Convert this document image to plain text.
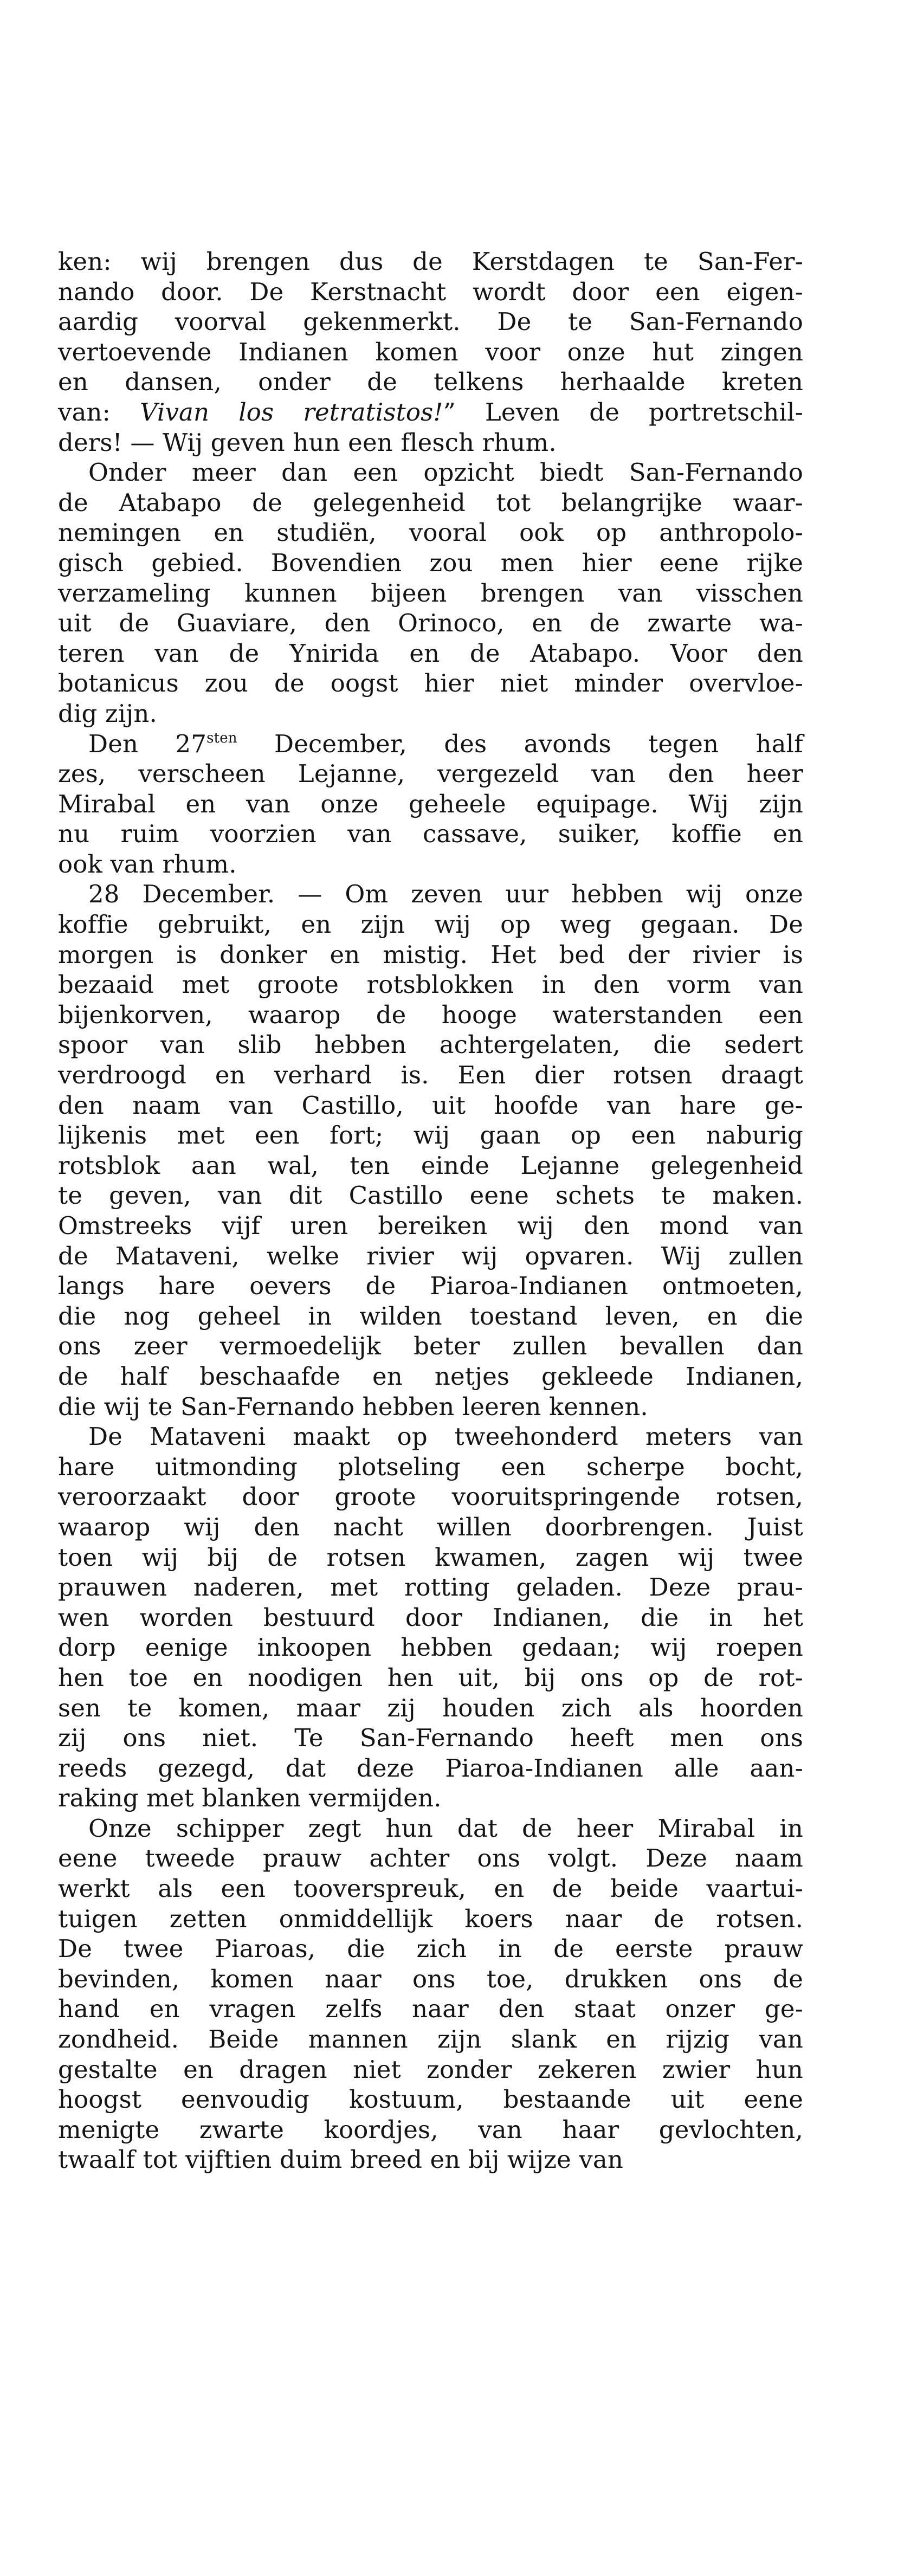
ken: wij brengen dus de Kerstdagen te San-Fer-
nando door. De Kerstnacht wordt door een eigen-
aardig voorval gekenmerkt. De te San-Fernando
vertoevende Indianen komen voor onze hut zingen
en dansen, onder de telkens herhaalde kreten
van: Vivan los retratistos!” Leven de portretschil-
ders! — Wij geven hun een flesch rhum.
Onder meer dan een opzicht biedt San-Fernando
de Atabapo de gelegenheid tot belangrijke waar-
nemingen en studiën, vooral ook op anthropolo-
gisch gebied. Bovendien zou men hier eene rijke
verzameling kunnen bijeen brengen van visschen
uit de Guaviare, den Orinoco, en de zwarte wa-
teren van de Ynirida en de Atabapo. Voor den
botanicus zou de oogst hier niet minder overvloe-
dig zijn.
Den $27^{sten}$ December, des avonds tegen half
zes, verscheen Lejanne, vergezeld van den heer
Mirabal en van onze geheele equipage. Wij zijn
nu ruim voorzien van cassave, suiker, koffie en
ook van rhum.
28 December. — Om zeven uur hebben wij onze
koffie gebruikt, en zijn wij op weg gegaan. De
morgen is donker en mistig. Het bed der rivier is
bezaaid met groote rotsblokken in den vorm van
bijenkorven, waarop de hooge waterstanden een
spoor van slib hebben achtergelaten, die sedert
verdroogd en verhard is. Een dier rotsen draagt
den naam van Castillo, uit hoofde van hare ge-
lijkenis met een fort; wij gaan op een naburig
rotsblok aan wal, ten einde Lejanne gelegenheid
te geven, van dit Castillo eene schets te maken.
Omstreeks vijf uren bereiken wij den mond van
de Mataveni, welke rivier wij opvaren. Wij zullen
langs hare oevers de Piaroa-Indianen ontmoeten,
die nog geheel in wilden toestand leven, en die
ons zeer vermoedelijk beter zullen bevallen dan
de half beschaafde en netjes gekleede Indianen,
die wij te San-Fernando hebben leeren kennen.
De Mataveni maakt op tweehonderd meters van
hare uitmonding plotseling een scherpe bocht,
veroorzaakt door groote vooruitspringende rotsen,
waarop wij den nacht willen doorbrengen. Juist
toen wij bij de rotsen kwamen, zagen wij twee
prauwen naderen, met rotting geladen. Deze prau-
wen worden bestuurd door Indianen, die in het
dorp eenige inkoopen hebben gedaan; wij roepen
hen toe en noodigen hen uit, bij ons op de rot-
sen te komen, maar zij houden zich als hoorden
zij ons niet. Te San-Fernando heeft men ons
reeds gezegd, dat deze Piaroa-Indianen alle aan-
raking met blanken vermijden.
Onze schipper zegt hun dat de heer Mirabal in
eene tweede prauw achter ons volgt. Deze naam
werkt als een tooverspreuk, en de beide vaartui-
tuigen zetten onmiddellijk koers naar de rotsen.
De twee Piaroas, die zich in de eerste prauw
bevinden, komen naar ons toe, drukken ons de
hand en vragen zelfs naar den staat onzer ge-
zondheid. Beide mannen zijn slank en rijzig van
gestalte en dragen niet zonder zekeren zwier hun
hoogst eenvoudig kostuum, bestaande uit eene
menigte zwarte koordjes, van haar gevlochten,
twaalf tot vijftien duim breed en bij wijze van
